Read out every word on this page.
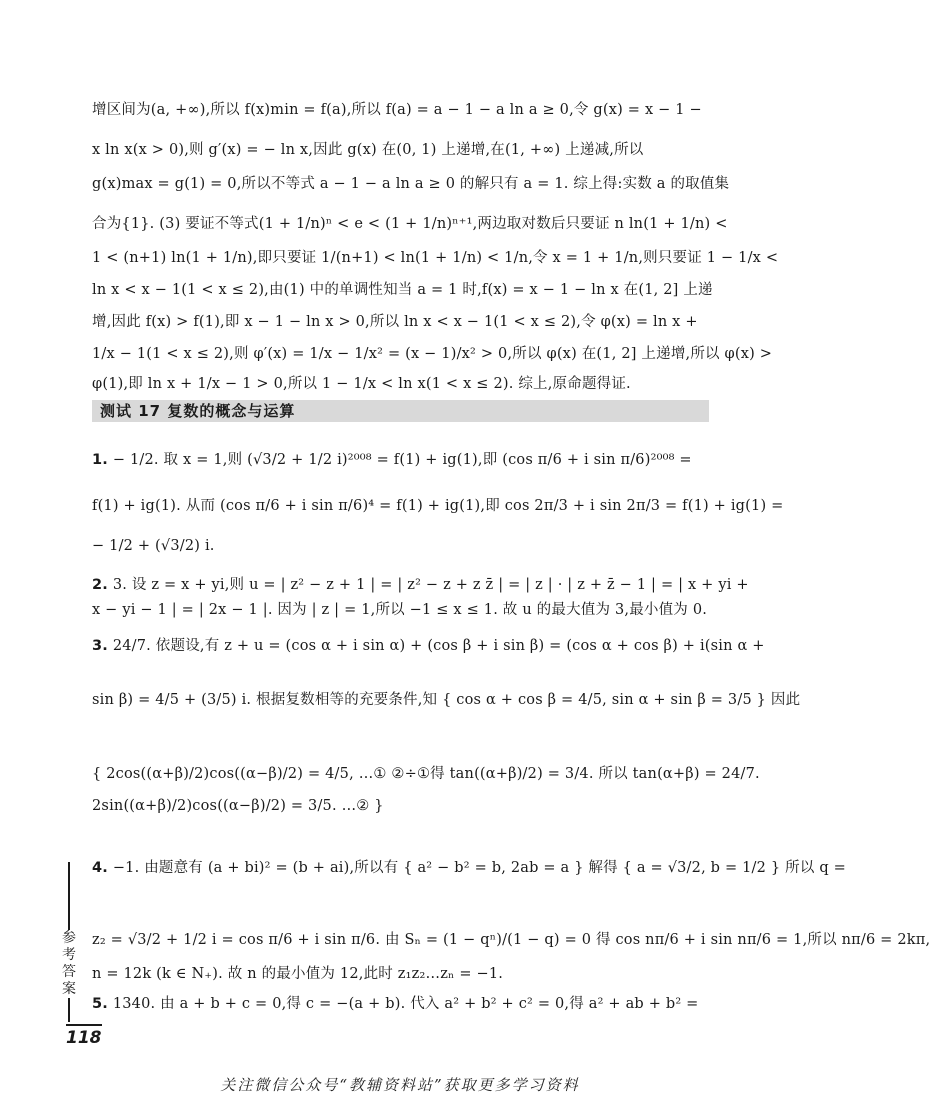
增区间为(a, +∞),所以 f(x)min = f(a),所以 f(a) = a − 1 − a ln a ≥ 0,令 g(x) = x − 1 −
x ln x(x > 0),则 g′(x) = − ln x,因此 g(x) 在(0, 1) 上递增,在(1, +∞) 上递减,所以
g(x)max = g(1) = 0,所以不等式 a − 1 − a ln a ≥ 0 的解只有 a = 1. 综上得:实数 a 的取值集
合为{1}. (3) 要证不等式(1 + 1/n)ⁿ < e < (1 + 1/n)ⁿ⁺¹,两边取对数后只要证 n ln(1 + 1/n) <
1 < (n+1) ln(1 + 1/n),即只要证 1/(n+1) < ln(1 + 1/n) < 1/n,令 x = 1 + 1/n,则只要证 1 − 1/x <
ln x < x − 1(1 < x ≤ 2),由(1) 中的单调性知当 a = 1 时,f(x) = x − 1 − ln x 在(1, 2] 上递
增,因此 f(x) > f(1),即 x − 1 − ln x > 0,所以 ln x < x − 1(1 < x ≤ 2),令 φ(x) = ln x +
1/x − 1(1 < x ≤ 2),则 φ′(x) = 1/x − 1/x² = (x − 1)/x² > 0,所以 φ(x) 在(1, 2] 上递增,所以 φ(x) >
φ(1),即 ln x + 1/x − 1 > 0,所以 1 − 1/x < ln x(1 < x ≤ 2). 综上,原命题得证.
测试 17 复数的概念与运算
1. − 1/2. 取 x = 1,则 (√3/2 + 1/2 i)²⁰⁰⁸ = f(1) + ig(1),即 (cos π/6 + i sin π/6)²⁰⁰⁸ =
f(1) + ig(1). 从而 (cos π/6 + i sin π/6)⁴ = f(1) + ig(1),即 cos 2π/3 + i sin 2π/3 = f(1) + ig(1) =
− 1/2 + (√3/2) i.
2. 3. 设 z = x + yi,则 u = | z² − z + 1 | = | z² − z + z z̄ | = | z | · | z + z̄ − 1 | = | x + yi +
x − yi − 1 | = | 2x − 1 |. 因为 | z | = 1,所以 −1 ≤ x ≤ 1. 故 u 的最大值为 3,最小值为 0.
3. 24/7. 依题设,有 z + u = (cos α + i sin α) + (cos β + i sin β) = (cos α + cos β) + i(sin α +
sin β) = 4/5 + (3/5) i. 根据复数相等的充要条件,知 { cos α + cos β = 4/5, sin α + sin β = 3/5 } 因此
{ 2cos((α+β)/2)cos((α−β)/2) = 4/5, …① ②÷①得 tan((α+β)/2) = 3/4. 所以 tan(α+β) = 24/7.
2sin((α+β)/2)cos((α−β)/2) = 3/5. …② }
4. −1. 由题意有 (a + bi)² = (b + ai),所以有 { a² − b² = b, 2ab = a } 解得 { a = √3/2, b = 1/2 } 所以 q =
z₂ = √3/2 + 1/2 i = cos π/6 + i sin π/6. 由 Sₙ = (1 − qⁿ)/(1 − q) = 0 得 cos nπ/6 + i sin nπ/6 = 1,所以 nπ/6 = 2kπ,
n = 12k (k ∈ N₊). 故 n 的最小值为 12,此时 z₁z₂…zₙ = −1.
5. 1340. 由 a + b + c = 0,得 c = −(a + b). 代入 a² + b² + c² = 0,得 a² + ab + b² =
参考答案
118
关注微信公众号“教辅资料站”获取更多学习资料
